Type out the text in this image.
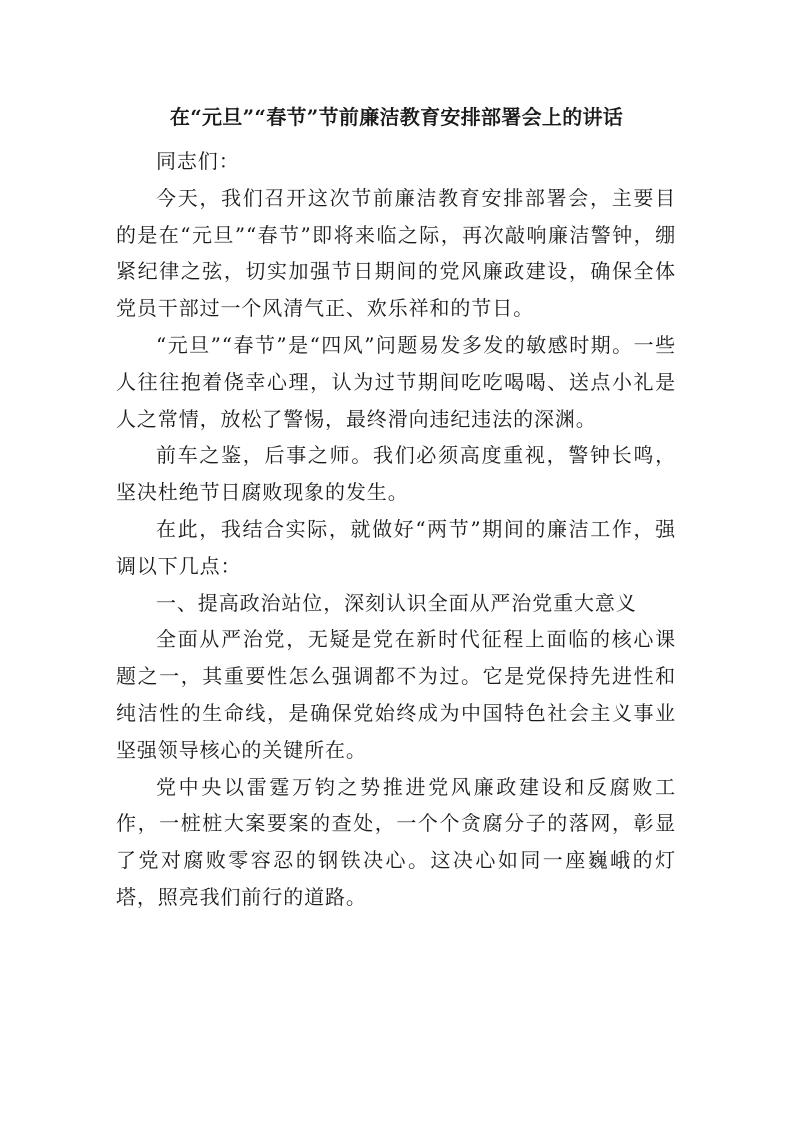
在“元旦”“春节”节前廉洁教育安排部署会上的讲话

同志们：

今天，我们召开这次节前廉洁教育安排部署会，主要目的是在“元旦”“春节”即将来临之际，再次敲响廉洁警钟，绷紧纪律之弦，切实加强节日期间的党风廉政建设，确保全体党员干部过一个风清气正、欢乐祥和的节日。

“元旦”“春节”是“四风”问题易发多发的敏感时期。一些人往往抱着侥幸心理，认为过节期间吃吃喝喝、送点小礼是人之常情，放松了警惕，最终滑向违纪违法的深渊。

前车之鉴，后事之师。我们必须高度重视，警钟长鸣，坚决杜绝节日腐败现象的发生。

在此，我结合实际，就做好“两节”期间的廉洁工作，强调以下几点：

一、提高政治站位，深刻认识全面从严治党重大意义

全面从严治党，无疑是党在新时代征程上面临的核心课题之一，其重要性怎么强调都不为过。它是党保持先进性和纯洁性的生命线，是确保党始终成为中国特色社会主义事业坚强领导核心的关键所在。

党中央以雷霆万钧之势推进党风廉政建设和反腐败工作，一桩桩大案要案的查处，一个个贪腐分子的落网，彰显了党对腐败零容忍的钢铁决心。这决心如同一座巍峨的灯塔，照亮我们前行的道路。
